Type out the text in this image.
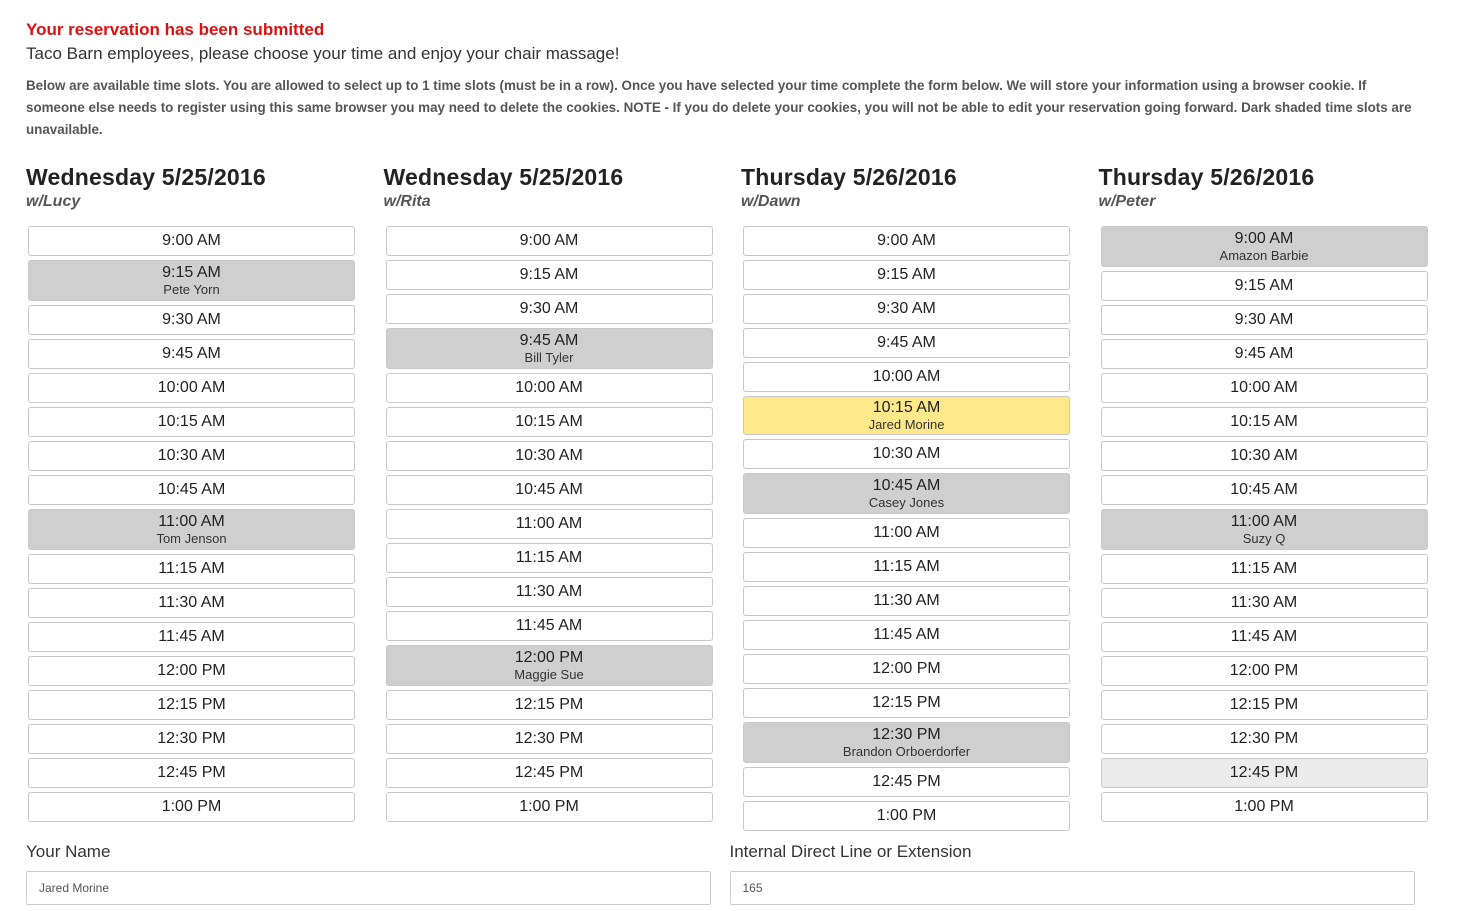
Your reservation has been submitted

Taco Barn employees, please choose your time and enjoy your chair massage!

Below are available time slots. You are allowed to select up to 1 time slots (must be in a row). Once you have selected your time complete the form below. We will store your information using a browser cookie. If someone else needs to register using this same browser you may need to delete the cookies. NOTE - If you do delete your cookies, you will not be able to edit your reservation going forward. Dark shaded time slots are unavailable.

Wednesday 5/25/2016
w/Lucy
9:00 AM
9:15 AM
Pete Yorn
9:30 AM
9:45 AM
10:00 AM
10:15 AM
10:30 AM
10:45 AM
11:00 AM
Tom Jenson
11:15 AM
11:30 AM
11:45 AM
12:00 PM
12:15 PM
12:30 PM
12:45 PM
1:00 PM
Wednesday 5/25/2016
w/Rita
9:00 AM
9:15 AM
9:30 AM
9:45 AM
Bill Tyler
10:00 AM
10:15 AM
10:30 AM
10:45 AM
11:00 AM
11:15 AM
11:30 AM
11:45 AM
12:00 PM
Maggie Sue
12:15 PM
12:30 PM
12:45 PM
1:00 PM
Thursday 5/26/2016
w/Dawn
9:00 AM
9:15 AM
9:30 AM
9:45 AM
10:00 AM
10:15 AM
Jared Morine
10:30 AM
10:45 AM
Casey Jones
11:00 AM
11:15 AM
11:30 AM
11:45 AM
12:00 PM
12:15 PM
12:30 PM
Brandon Orboerdorfer
12:45 PM
1:00 PM
Thursday 5/26/2016
w/Peter
9:00 AM
Amazon Barbie
9:15 AM
9:30 AM
9:45 AM
10:00 AM
10:15 AM
10:30 AM
10:45 AM
11:00 AM
Suzy Q
11:15 AM
11:30 AM
11:45 AM
12:00 PM
12:15 PM
12:30 PM
12:45 PM
1:00 PM
Your Name
Jared Morine	Internal Direct Line or Extension
165
